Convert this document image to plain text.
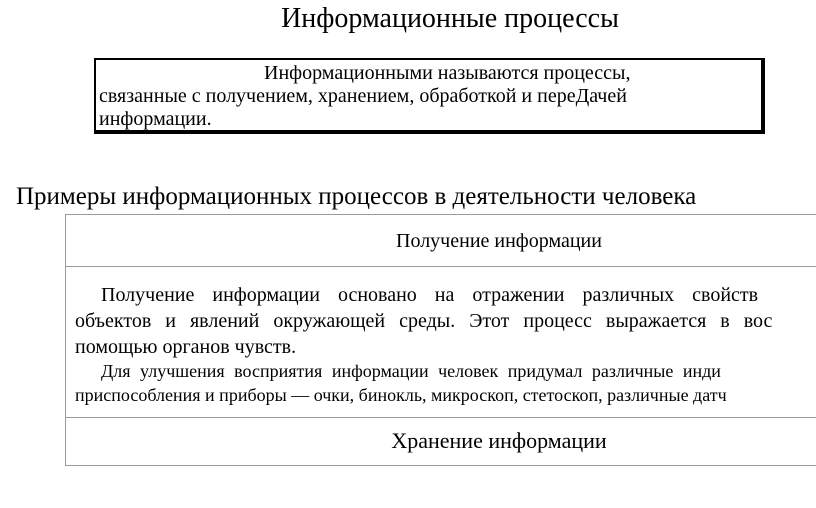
Информационные процессы
Информационными называются процессы,
связанные с получением, хранением, обработкой и переДачей
информации.
Примеры информационных процессов в деятельности человека
Получение информации
Получение информации основано на отражении различных свойств
объектов и явлений окружающей среды. Этот процесс выражается в вос
помощью органов чувств.
Для улучшения восприятия информации человек придумал различные инди
приспособления и приборы — очки, бинокль, микроскоп, стетоскоп, различные датч
Хранение информации
